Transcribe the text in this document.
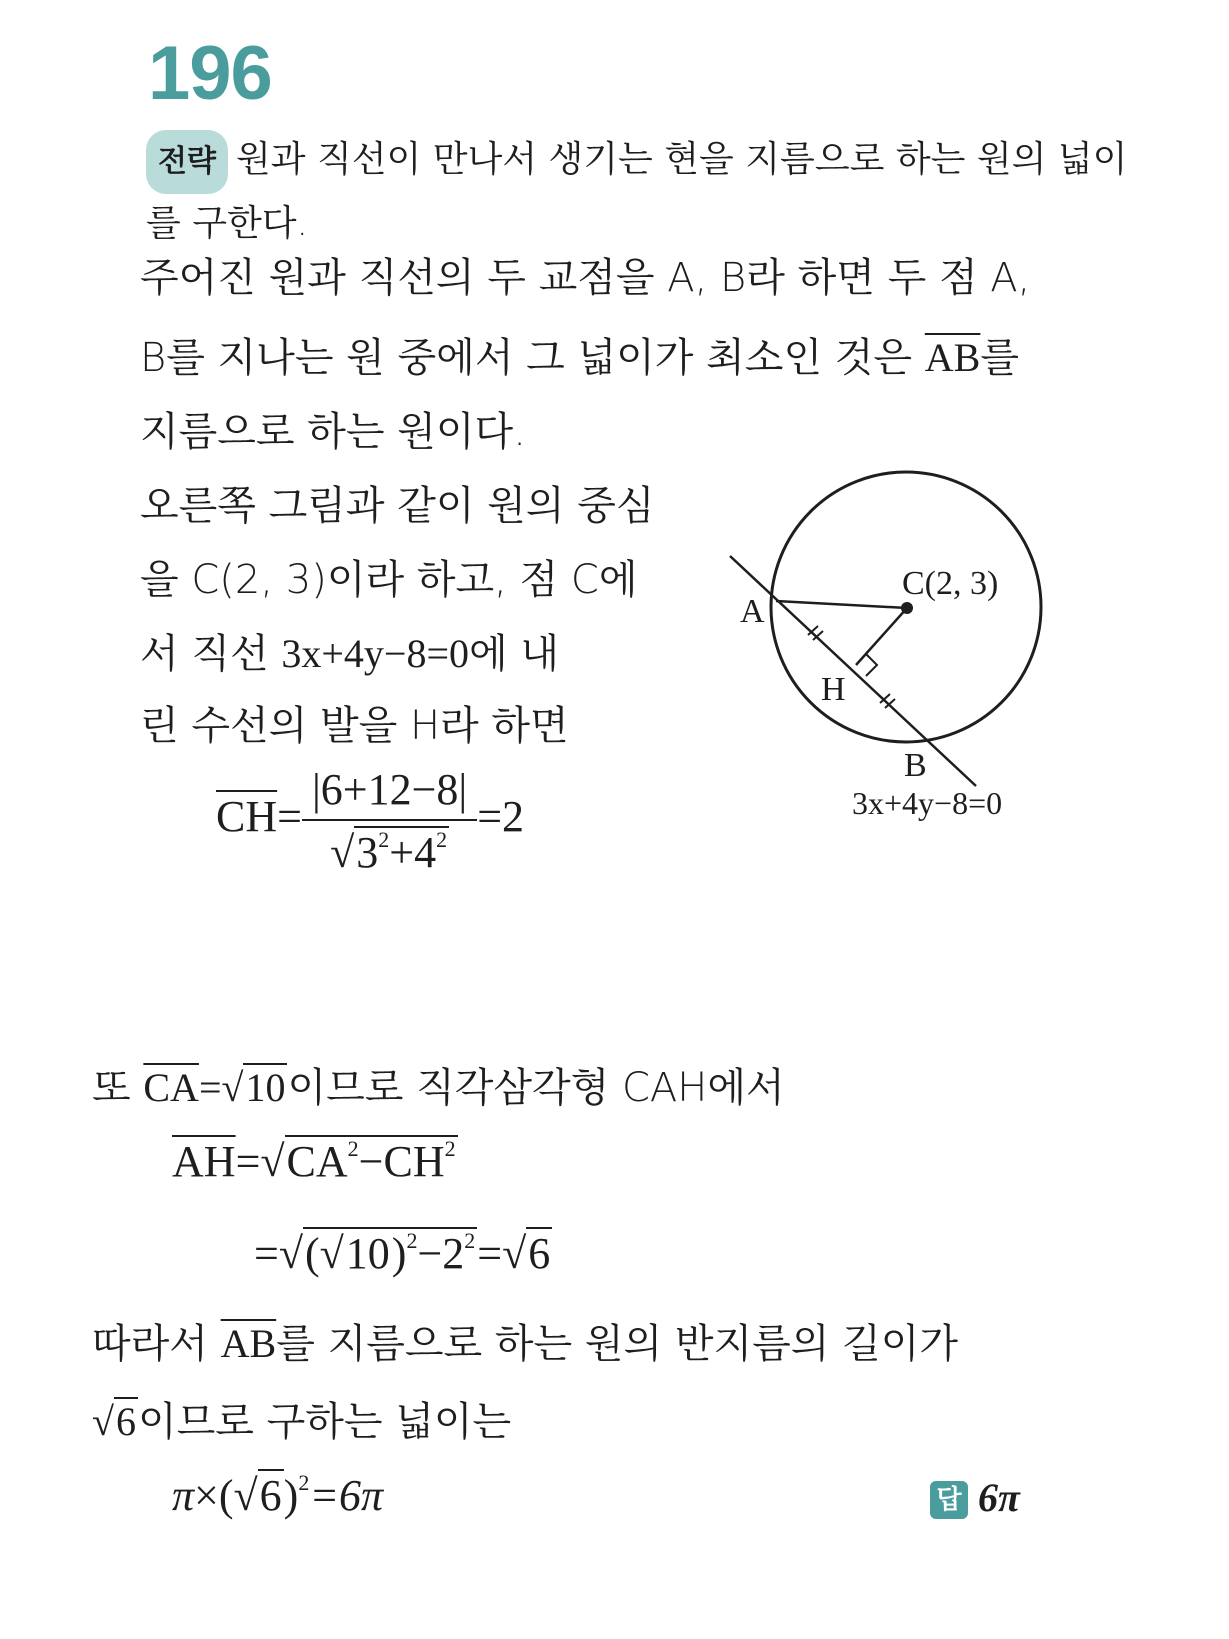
196
전략 원과 직선이 만나서 생기는 현을 지름으로 하는 원의 넓이
를 구한다.
주어진 원과 직선의 두 교점을 A, B라 하면 두 점 A,
B를 지나는 원 중에서 그 넓이가 최소인 것은 $\overline{AB}$를
지름으로 하는 원이다.
오른쪽 그림과 같이 원의 중심
을 C(2, 3)이라 하고, 점 C에
서 직선 3x+4y−8=0에 내
린 수선의 발을 H라 하면
$\overline{CH}= \frac{|6+12-8|}{√3^2+4^2} =2$
A
H
B
C(2, 3)
3x+4y−8=0
또 $\overline{CA}=√10$이므로 직각삼각형 CAH에서
$\overline{AH}=√CA^2-\overline{CH}^2$
$=√(√10)^2-2^2=√6$
따라서 $\overline{AB}$를 지름으로 하는 원의 반지름의 길이가
√6이므로 구하는 넓이는
$\pi\times(√6)^2=6\pi$	답 6π
